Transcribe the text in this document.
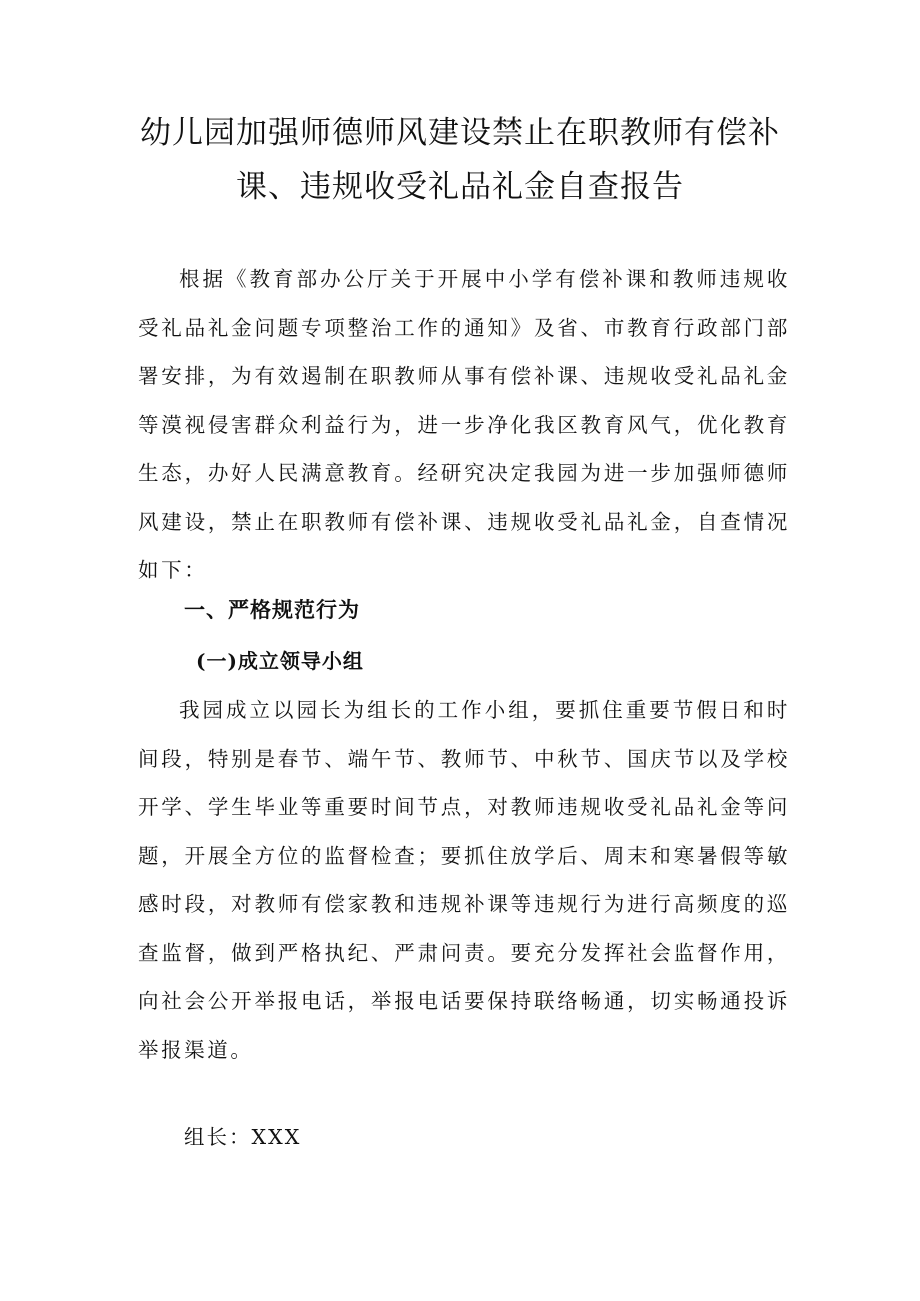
幼儿园加强师德师风建设禁止在职教师有偿补课、违规收受礼品礼金自查报告

根据《教育部办公厅关于开展中小学有偿补课和教师违规收受礼品礼金问题专项整治工作的通知》及省、市教育行政部门部署安排，为有效遏制在职教师从事有偿补课、违规收受礼品礼金等漠视侵害群众利益行为，进一步净化我区教育风气，优化教育生态，办好人民满意教育。经研究决定我园为进一步加强师德师风建设，禁止在职教师有偿补课、违规收受礼品礼金，自查情况如下：

一、严格规范行为
(一)成立领导小组

我园成立以园长为组长的工作小组，要抓住重要节假日和时间段，特别是春节、端午节、教师节、中秋节、国庆节以及学校开学、学生毕业等重要时间节点，对教师违规收受礼品礼金等问题，开展全方位的监督检查；要抓住放学后、周末和寒暑假等敏感时段，对教师有偿家教和违规补课等违规行为进行高频度的巡查监督，做到严格执纪、严肃问责。要充分发挥社会监督作用，向社会公开举报电话，举报电话要保持联络畅通，切实畅通投诉举报渠道。

组长：XXX
